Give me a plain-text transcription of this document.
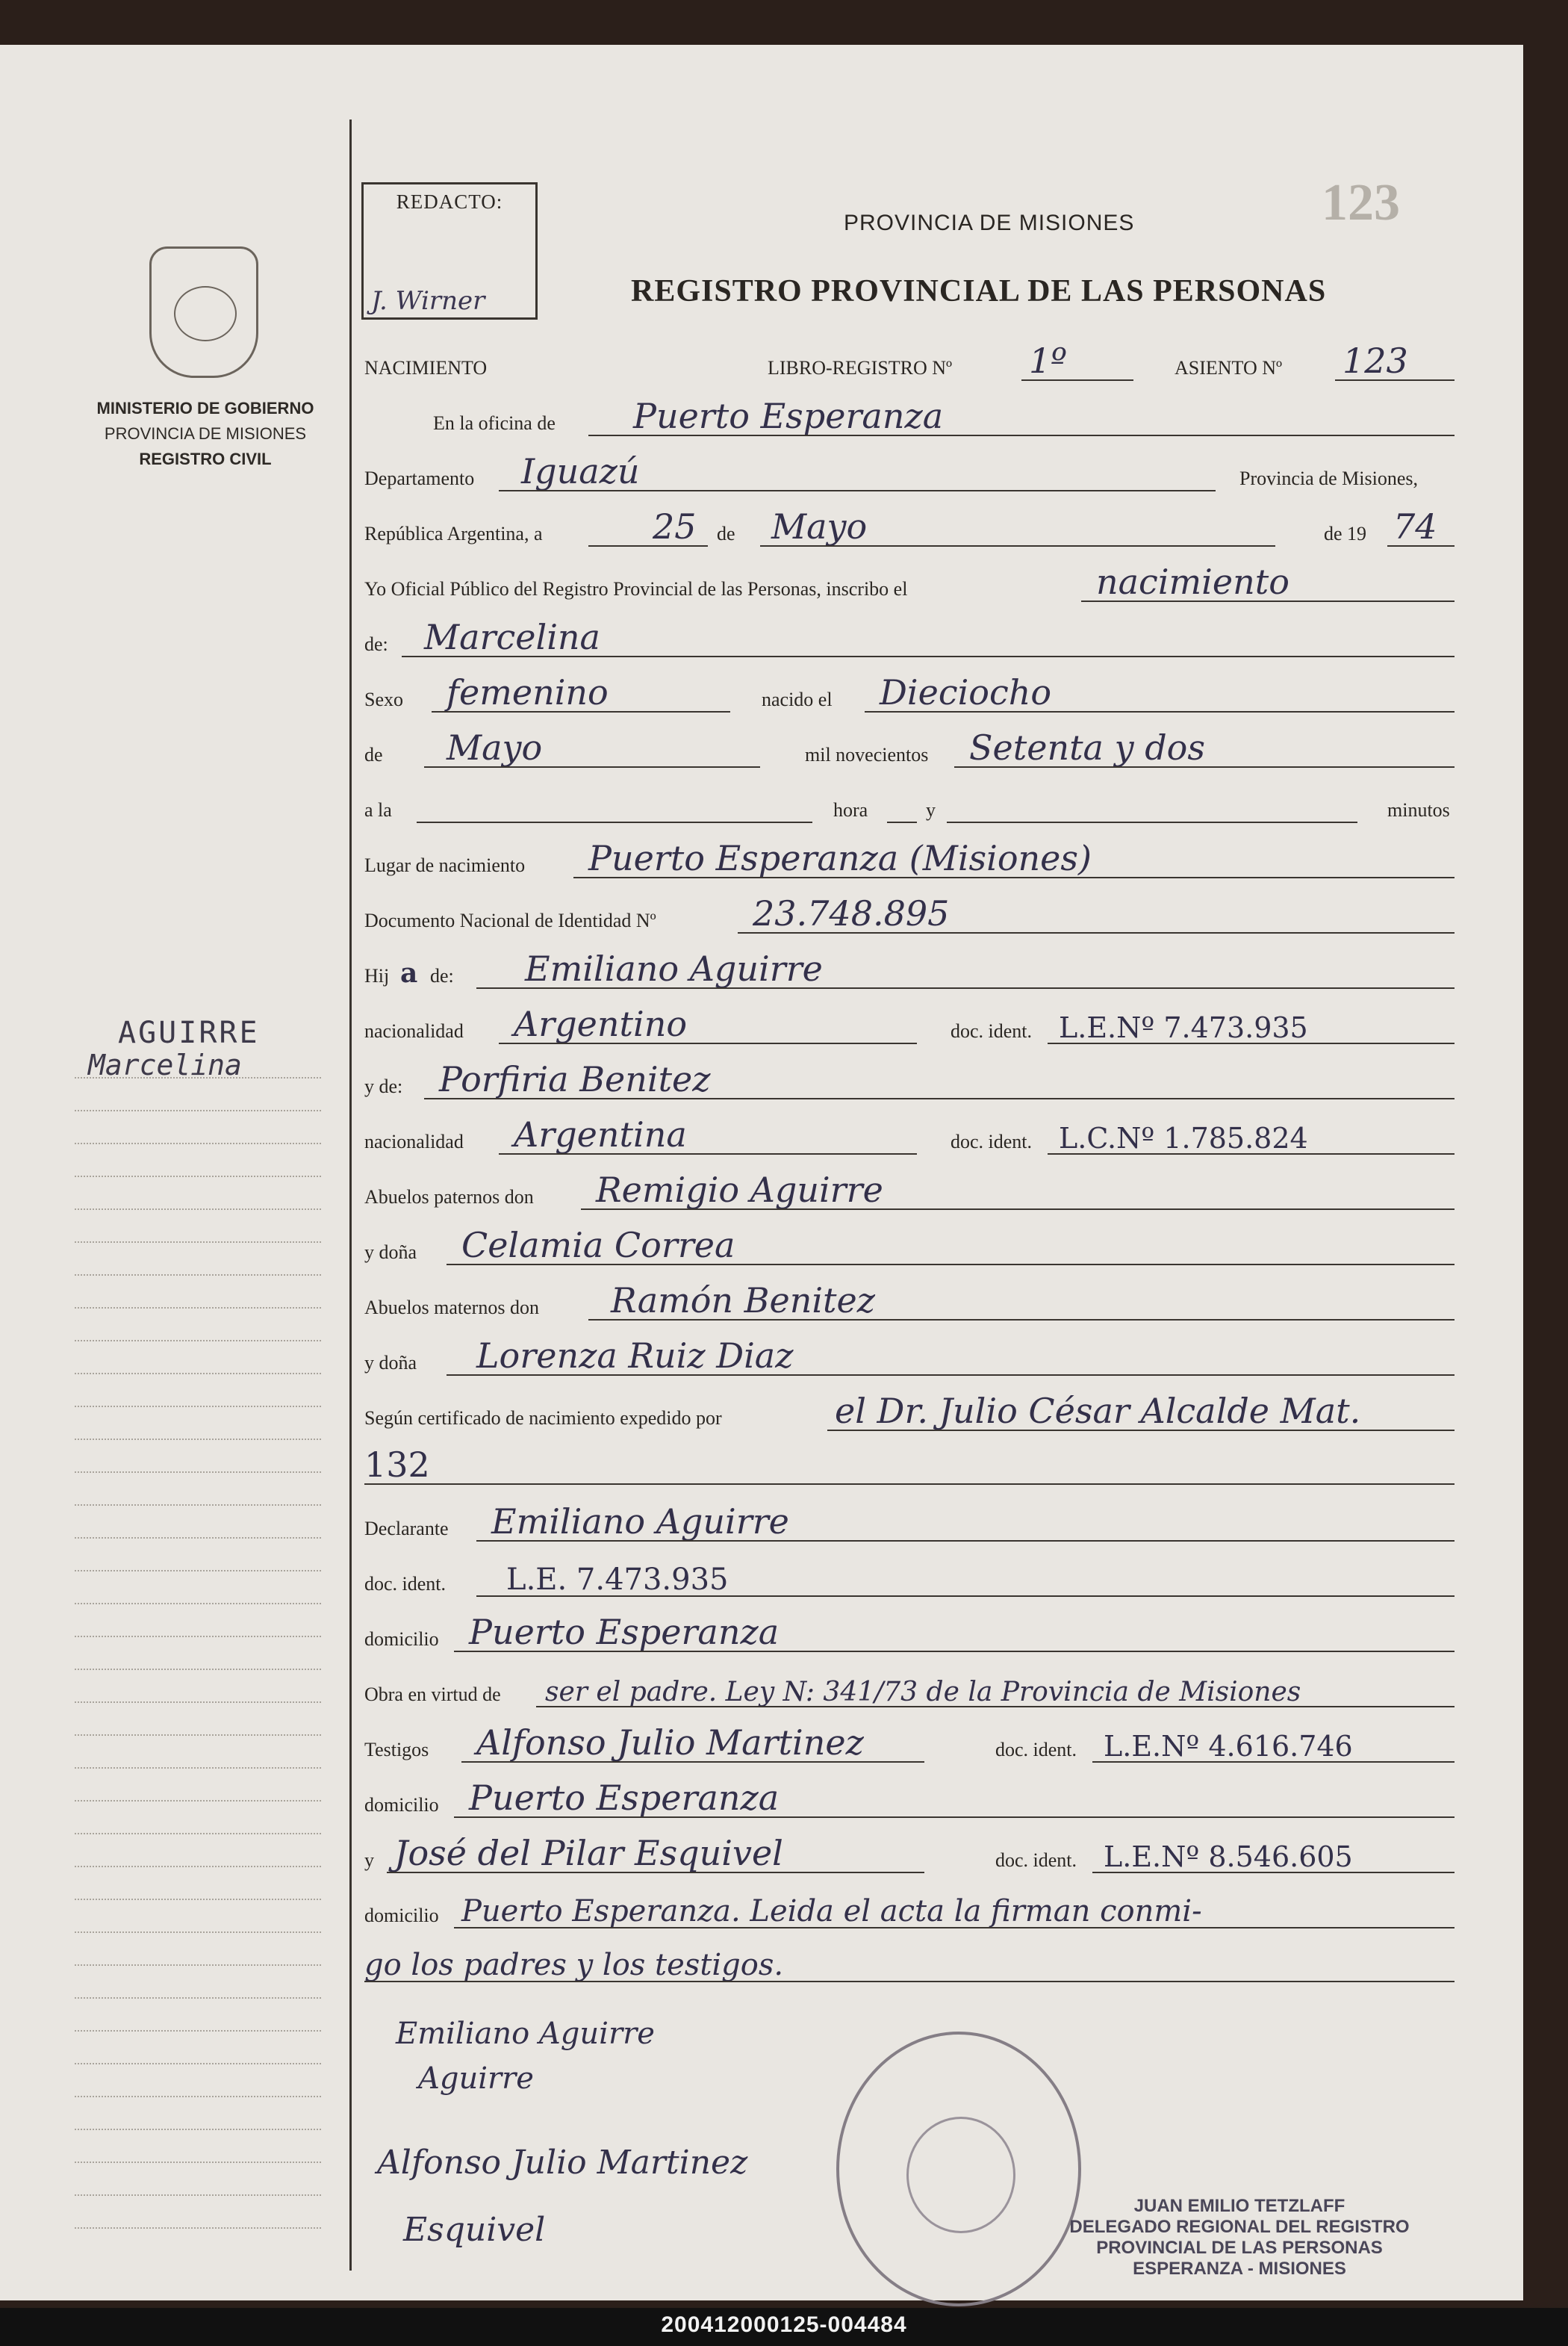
MINISTERIO DE GOBIERNO
PROVINCIA DE MISIONES
REGISTRO CIVIL
AGUIRRE
Marcelina
REDACTO:
J. Wirner
PROVINCIA DE MISIONES
REGISTRO PROVINCIAL DE LAS PERSONAS
123
NACIMIENTO	LIBRO-REGISTRO Nº 1º	ASIENTO Nº 123
En la oficina de Puerto Esperanza
Departamento Iguazú	Provincia de Misiones,
República Argentina, a	25 de Mayo	de 19 74
Yo Oficial Público del Registro Provincial de las Personas, inscribo el	nacimiento
de: Marcelina
Sexo femenino	nacido el Dieciocho
de Mayo	mil novecientos Setenta y dos
a la	hora	y	minutos
Lugar de nacimiento Puerto Esperanza (Misiones)
Documento Nacional de Identidad Nº	23.748.895
Hij a de: Emiliano Aguirre
nacionalidad Argentino	doc. ident. L.E.Nº 7.473.935
y de: Porfiria Benitez
nacionalidad Argentina	doc. ident. L.C.Nº 1.785.824
Abuelos paternos don Remigio Aguirre
y doña Celamia Correa
Abuelos maternos don Ramón Benitez
y doña Lorenza Ruiz Diaz
Según certificado de nacimiento expedido por	el Dr. Julio César Alcalde Mat.
132
Declarante Emiliano Aguirre
doc. ident. L.E. 7.473.935
domicilio Puerto Esperanza
Obra en virtud de ser el padre. Ley N: 341/73 de la Provincia de Misiones
Testigos Alfonso Julio Martinez	doc. ident. L.E.Nº 4.616.746
domicilio Puerto Esperanza
y José del Pilar Esquivel	doc. ident. L.E.Nº 8.546.605
domicilio Puerto Esperanza. Leida el acta la firman conmi-
go los padres y los testigos.
Emiliano Aguirre
Aguirre
Alfonso Julio Martinez
Esquivel
JUAN EMILIO TETZLAFF
DELEGADO REGIONAL DEL REGISTRO
PROVINCIAL DE LAS PERSONAS
ESPERANZA - MISIONES
200412000125-004484
